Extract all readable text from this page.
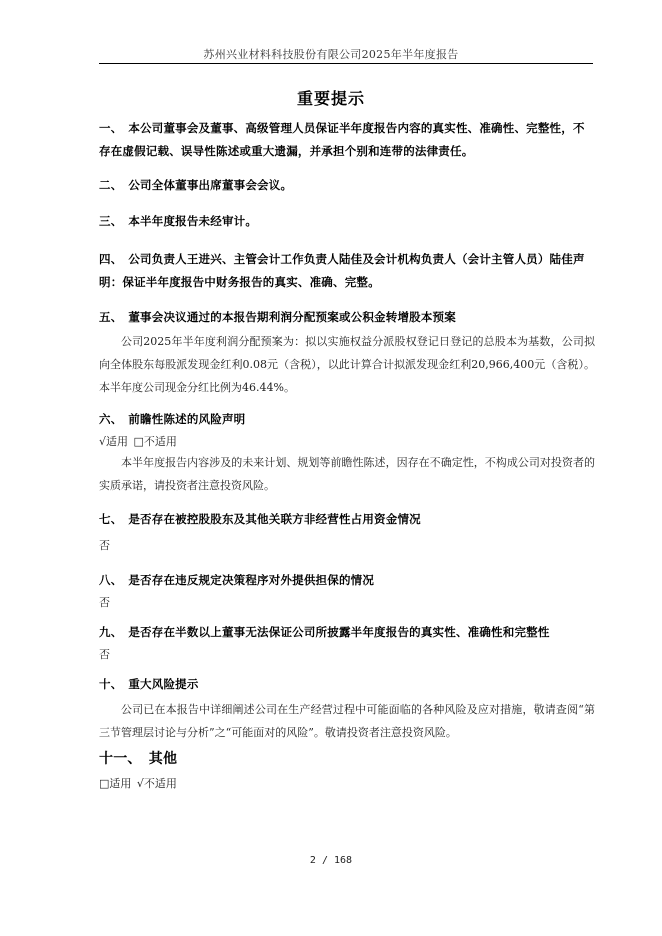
苏州兴业材料科技股份有限公司2025年半年度报告
重要提示
一、　本公司董事会及董事、高级管理人员保证半年度报告内容的真实性、准确性、完整性，不存在虚假记载、误导性陈述或重大遗漏，并承担个别和连带的法律责任。
二、　公司全体董事出席董事会会议。
三、　本半年度报告未经审计。
四、　公司负责人王进兴、主管会计工作负责人陆佳及会计机构负责人（会计主管人员）陆佳声明：保证半年度报告中财务报告的真实、准确、完整。
五、　董事会决议通过的本报告期利润分配预案或公积金转增股本预案
公司2025年半年度利润分配预案为：拟以实施权益分派股权登记日登记的总股本为基数，公司拟向全体股东每股派发现金红利0.08元（含税），以此计算合计拟派发现金红利20,966,400元（含税）。本半年度公司现金分红比例为46.44%。
六、　前瞻性陈述的风险声明
√适用 □不适用
本半年度报告内容涉及的未来计划、规划等前瞻性陈述，因存在不确定性，不构成公司对投资者的实质承诺，请投资者注意投资风险。
七、　是否存在被控股股东及其他关联方非经营性占用资金情况
否
八、　是否存在违反规定决策程序对外提供担保的情况
否
九、　是否存在半数以上董事无法保证公司所披露半年度报告的真实性、准确性和完整性
否
十、　重大风险提示
公司已在本报告中详细阐述公司在生产经营过程中可能面临的各种风险及应对措施，敬请查阅“第三节管理层讨论与分析”之“可能面对的风险”。敬请投资者注意投资风险。
十一、　其他
□适用 √不适用
2 / 168
